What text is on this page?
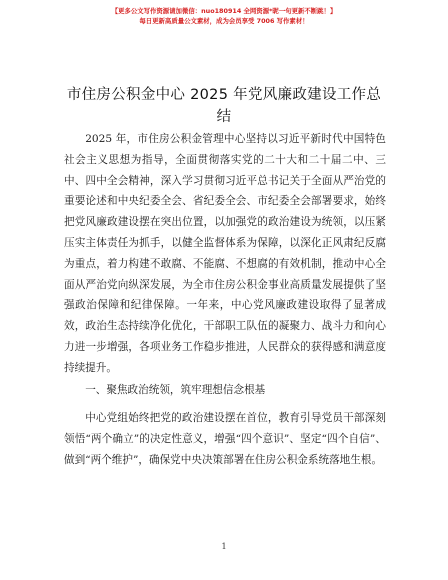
【更多公文写作资源请加微信：nuo180914 全网资源*昵一句更新不断跳！】
每日更新高质量公文素材，成为会员享受 7006 写作素材！
市住房公积金中心 2025 年党风廉政建设工作总结

2025 年，市住房公积金管理中心坚持以习近平新时代中国特色社会主义思想为指导，全面贯彻落实党的二十大和二十届二中、三中、四中全会精神，深入学习贯彻习近平总书记关于全面从严治党的重要论述和中央纪委全会、省纪委全会、市纪委全会部署要求，始终把党风廉政建设摆在突出位置，以加强党的政治建设为统领，以压紧压实主体责任为抓手，以健全监督体系为保障，以深化正风肃纪反腐为重点，着力构建不敢腐、不能腐、不想腐的有效机制，推动中心全面从严治党向纵深发展，为全市住房公积金事业高质量发展提供了坚强政治保障和纪律保障。一年来，中心党风廉政建设取得了显著成效，政治生态持续净化优化，干部职工队伍的凝聚力、战斗力和向心力进一步增强，各项业务工作稳步推进，人民群众的获得感和满意度持续提升。

一、聚焦政治统领，筑牢理想信念根基

中心党组始终把党的政治建设摆在首位，教育引导党员干部深刻领悟“两个确立”的决定性意义，增强“四个意识”、坚定“四个自信”、做到“两个维护”，确保党中央决策部署在住房公积金系统落地生根。

1
